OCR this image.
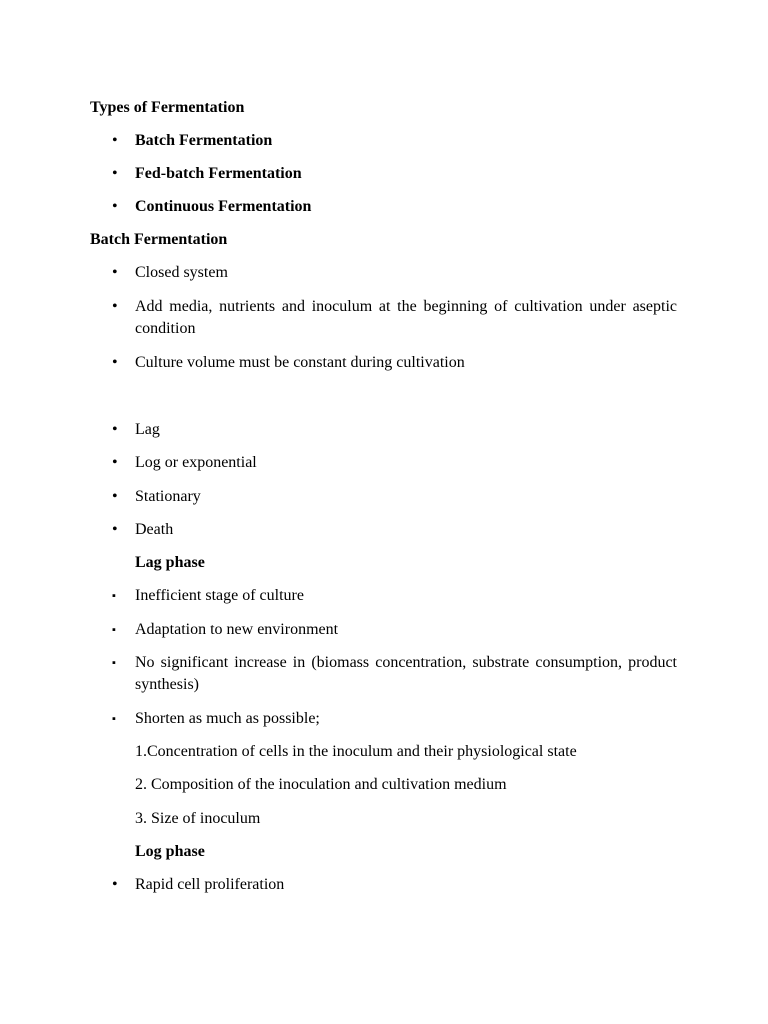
Types of Fermentation
•	Batch Fermentation
•	Fed-batch Fermentation
•	Continuous Fermentation
Batch Fermentation
•	Closed system
•	Add media, nutrients and inoculum at the beginning of cultivation under aseptic condition
•	Culture volume must be constant during cultivation
•	Lag
•	Log or exponential
•	Stationary
•	Death
Lag phase
▪	Inefficient stage of culture
▪	Adaptation to new environment
▪	No significant increase in (biomass concentration, substrate consumption, product synthesis)
▪	Shorten as much as possible;
1.Concentration of cells in the inoculum and their physiological state
2. Composition of the inoculation and cultivation medium
3. Size of inoculum
Log phase
•	Rapid cell proliferation
